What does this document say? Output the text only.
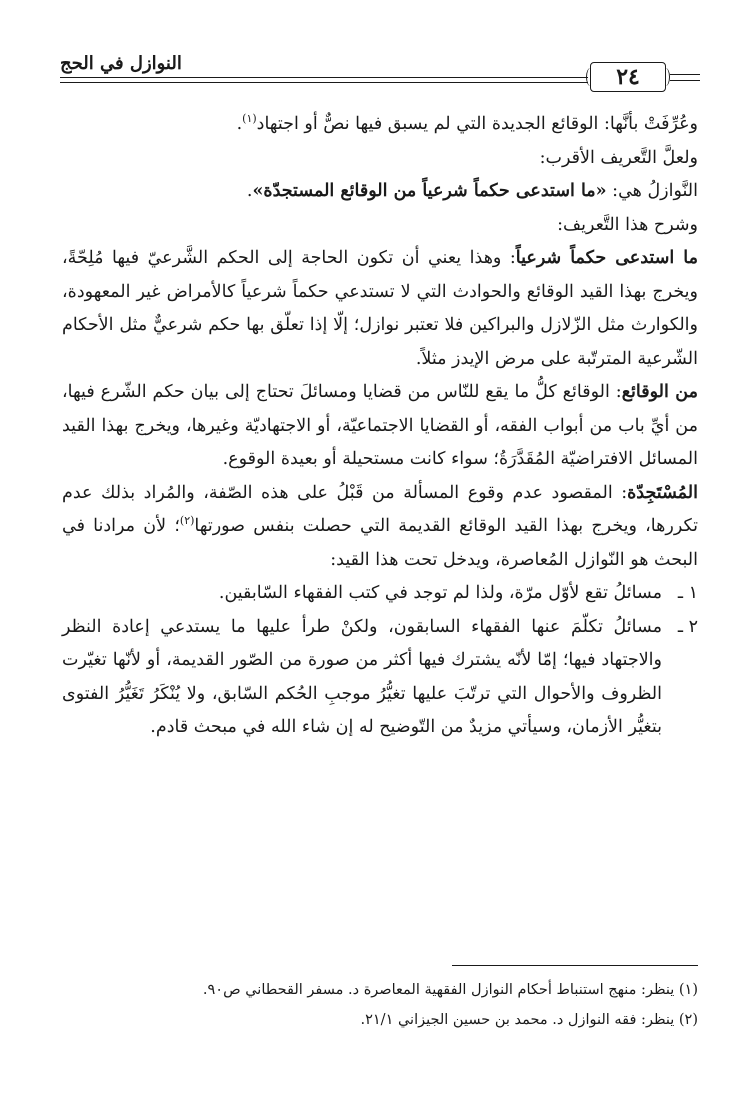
النوازل في الحج
٢٤

وعُرِّفَتْ بأنَّها: الوقائع الجديدة التي لم يسبق فيها نصٌّ أو اجتهاد$^{(١)}$.

ولعلَّ التَّعريف الأقرب:

النَّوازلُ هي: «ما استدعى حكماً شرعياً من الوقائع المستجدّة».

وشرح هذا التَّعريف:

ما استدعى حكماً شرعياً: وهذا يعني أن تكون الحاجة إلى الحكم الشَّرعيّ فيها مُلِحّةً، ويخرج بهذا القيد الوقائع والحوادث التي لا تستدعي حكماً شرعياً كالأمراض غير المعهودة، والكوارث مثل الزّلازل والبراكين فلا تعتبر نوازل؛ إلّا إذا تعلّق بها حكم شرعيٌّ مثل الأحكام الشّرعية المترتّبة على مرض الإيدز مثلاً.

من الوقائع: الوقائع كلُّ ما يقع للنّاس من قضايا ومسائلَ تحتاج إلى بيان حكم الشّرع فيها، من أيِّ باب من أبواب الفقه، أو القضايا الاجتماعيّة، أو الاجتهاديّة وغيرها، ويخرج بهذا القيد المسائل الافتراضيّة المُقَدَّرَةُ؛ سواء كانت مستحيلة أو بعيدة الوقوع.

المُسْتَجِدّة: المقصود عدم وقوع المسألة من قَبْلُ على هذه الصّفة، والمُراد بذلك عدم تكررها، ويخرج بهذا القيد الوقائع القديمة التي حصلت بنفس صورتها$^{(٢)}$؛ لأن مرادنا في البحث هو النّوازل المُعاصرة، ويدخل تحت هذا القيد:

١ ـ
مسائلُ تقع لأوّل مرّة، ولذا لم توجد في كتب الفقهاء السّابقين.
٢ ـ
مسائلُ تكلّمَ عنها الفقهاء السابقون، ولكنْ طرأ عليها ما يستدعي إعادة النظر والاجتهاد فيها؛ إمّا لأنّه يشترك فيها أكثر من صورة من الصّور القديمة، أو لأنّها تغيّرت الظروف والأحوال التي ترتّبَ عليها تغيُّرُ موجبِ الحُكم السّابق، ولا يُنْكَرُ تَغَيُّرُ الفتوى بتغيُّر الأزمان، وسيأتي مزيدٌ من التّوضيح له إن شاء الله في مبحث قادم.

(١) ينظر: منهج استنباط أحكام النوازل الفقهية المعاصرة د. مسفر القحطاني ص٩٠.

(٢) ينظر: فقه النوازل د. محمد بن حسين الجيزاني ٢١/١.
